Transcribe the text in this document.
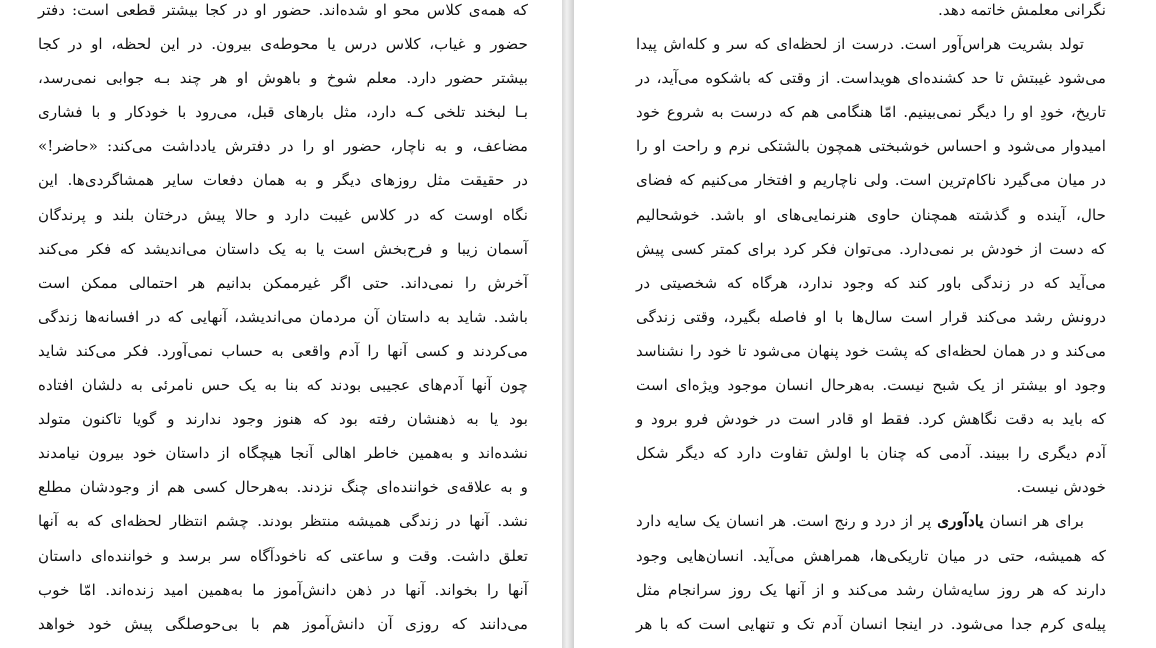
که همه‌ی کلاس محو او شده‌اند. حضور او در کجا بیشتر قطعی است: دفتر
حضور و غیاب، کلاس درس یا محوطه‌ی بیرون. در این لحظه، او در کجا
بیشتر حضور دارد. معلم شوخ و باهوش او هر چند بـه جوابی نمی‌رسد،
بـا لبخند تلخی کـه دارد، مثل بارهای قبل، می‌رود با خودکار و با فشاری
مضاعف، و به ناچار، حضور او را در دفترش یادداشت می‌کند: «حاضر!»
در حقیقت مثل روزهای دیگر و به همان دفعات سایر همشاگردی‌ها. این
نگاه اوست که در کلاس غیبت دارد و حالا پیش درختان بلند و پرندگان
آسمان زیبا و فرح‌بخش است یا به یک داستان می‌اندیشد که فکر می‌کند
آخرش را نمی‌داند. حتی اگر غیرممکن بدانیم هر احتمالی ممکن است
باشد. شاید به داستان آن مردمان می‌اندیشد، آنهایی که در افسانه‌ها زندگی
می‌کردند و کسی آنها را آدم واقعی به حساب نمی‌آورد. فکر می‌کند شاید
چون آنها آدم‌های عجیبی بودند که بنا به یک حس نامرئی به دلشان افتاده
بود یا به ذهنشان رفته بود که هنوز وجود ندارند و گویا تاکنون متولد
نشده‌اند و به‌همین خاطر اهالی آنجا هیچگاه از داستان خود بیرون نیامدند
و به علاقه‌ی خواننده‌ای چنگ نزدند. به‌هرحال کسی هم از وجودشان مطلع
نشد. آنها در زندگی همیشه منتظر بودند. چشم انتظار لحظه‌ای که به آنها
تعلق داشت. وقت و ساعتی که ناخودآگاه سر برسد و خواننده‌ای داستان
آنها را بخواند. آنها در ذهن دانش‌آموز ما به‌همین امید زنده‌اند. امّا خوب
می‌دانند که روزی آن دانش‌آموز هم با بی‌حوصلگی پیش خود خواهد
نگرانی معلمش خاتمه دهد.
تولد بشریت هراس‌آور است. درست از لحظه‌ای که سر و کله‌اش پیدا
می‌شود غیبتش تا حد کشنده‌ای هویداست. از وقتی که باشکوه می‌آید، در
تاریخ، خودِ او را دیگر نمی‌بینیم. امّا هنگامی هم که درست به شروع خود
امیدوار می‌شود و احساس خوشبختی همچون بالشتکی نرم و راحت او را
در میان می‌گیرد ناکام‌ترین است. ولی ناچاریم و افتخار می‌کنیم که فضای
حال، آینده و گذشته همچنان حاوی هنرنمایی‌های او باشد. خوشحالیم
که دست از خودش بر نمی‌دارد. می‌توان فکر کرد برای کمتر کسی پیش
می‌آید که در زندگی باور کند که وجود ندارد، هرگاه که شخصیتی در
درونش رشد می‌کند قرار است سال‌ها با او فاصله بگیرد، وقتی زندگی
می‌کند و در همان لحظه‌ای که پشت خود پنهان می‌شود تا خود را نشناسد
وجود او بیشتر از یک شبح نیست. به‌هرحال انسان موجود ویژه‌ای است
که باید به دقت نگاهش کرد. فقط او قادر است در خودش فرو برود و
آدم دیگری را ببیند. آدمی که چنان با اولش تفاوت دارد که دیگر شکل
خودش نیست.
برای هر انسان یادآوری پر از درد و رنج است. هر انسان یک سایه دارد
که همیشه، حتی در میان تاریکی‌ها، همراهش می‌آید. انسان‌هایی وجود
دارند که هر روز سایه‌شان رشد می‌کند و از آنها یک روز سرانجام مثل
پیله‌ی کرم جدا می‌شود. در اینجا انسان آدم تک و تنهایی است که با هر
